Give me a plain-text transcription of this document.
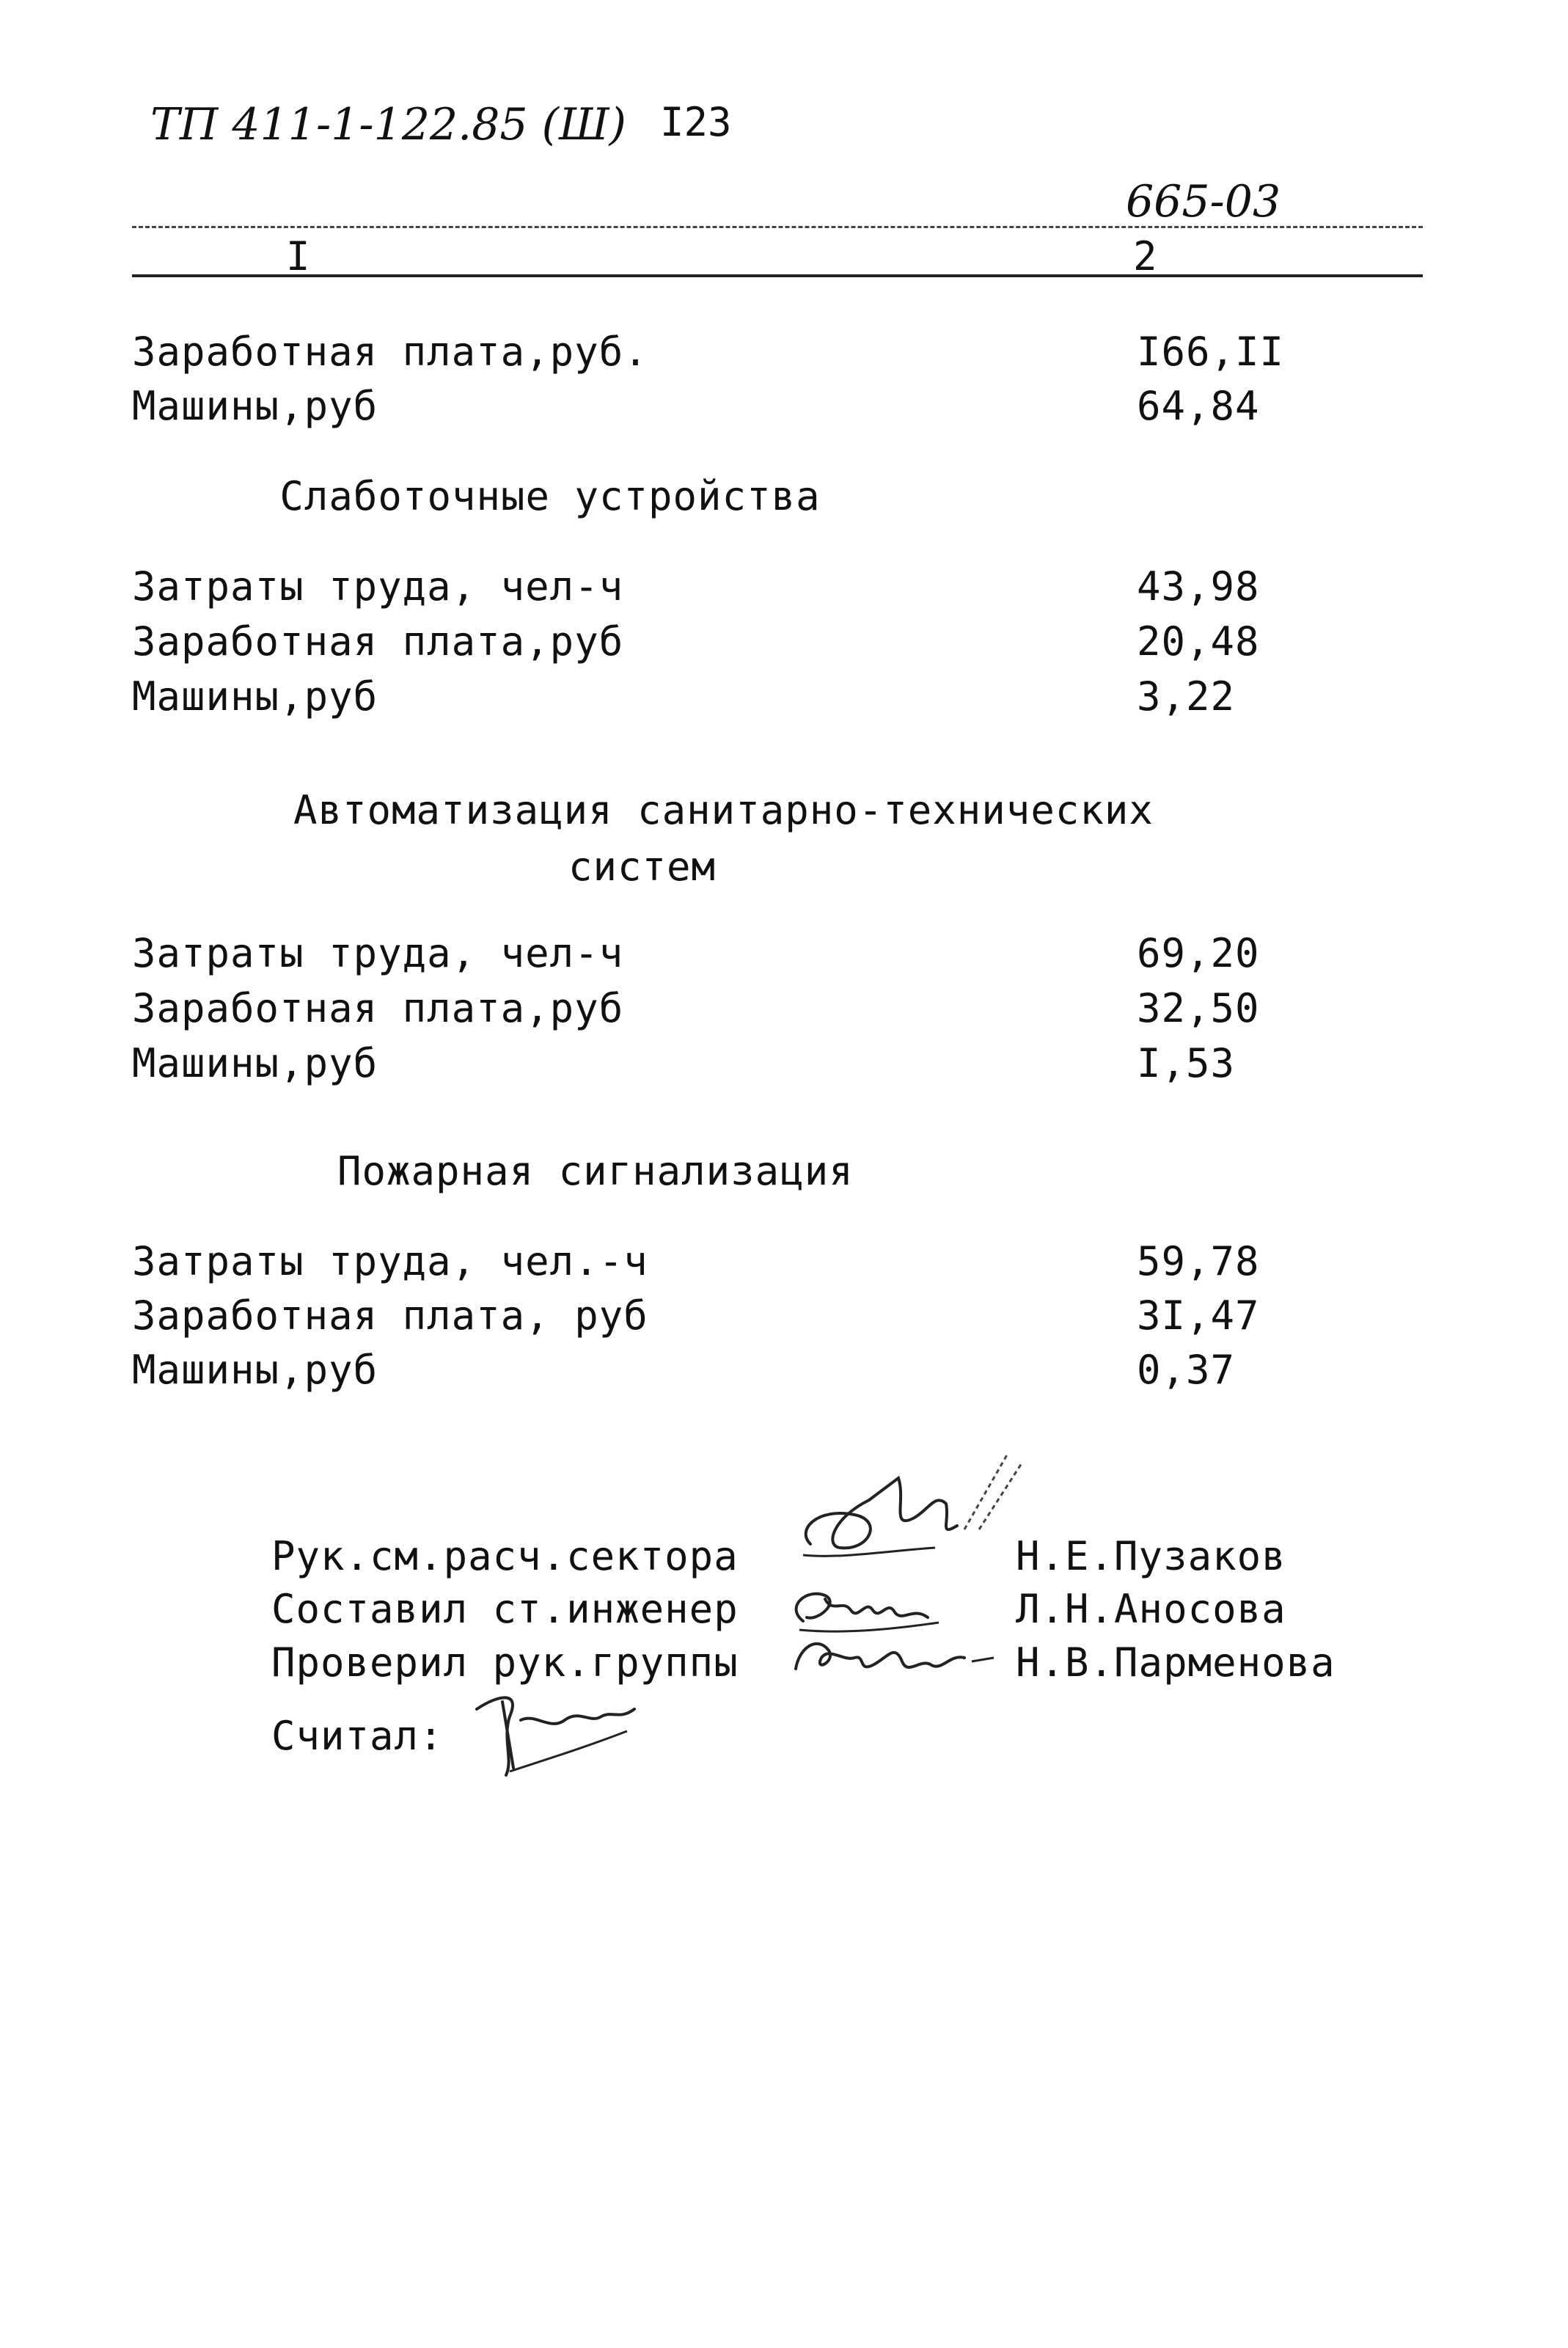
ТП 411-1-122.85 (Ш) I23
665-03
I	2
Заработная плата,руб.	I66,II
Машины,руб	64,84
Слаботочные устройства
Затраты труда, чел-ч	43,98
Заработная плата,руб	20,48
Машины,руб	3,22
Автоматизация санитарно-технических
систем
Затраты труда, чел-ч	69,20
Заработная плата,руб	32,50
Машины,руб	I,53
Пожарная сигнализация
Затраты труда, чел.-ч	59,78
Заработная плата, руб	3I,47
Машины,руб	0,37
Рук.см.расч.сектора	Н.Е.Пузаков
Составил ст.инженер	Л.Н.Аносова
Проверил рук.группы	Н.В.Парменова
Считал:
